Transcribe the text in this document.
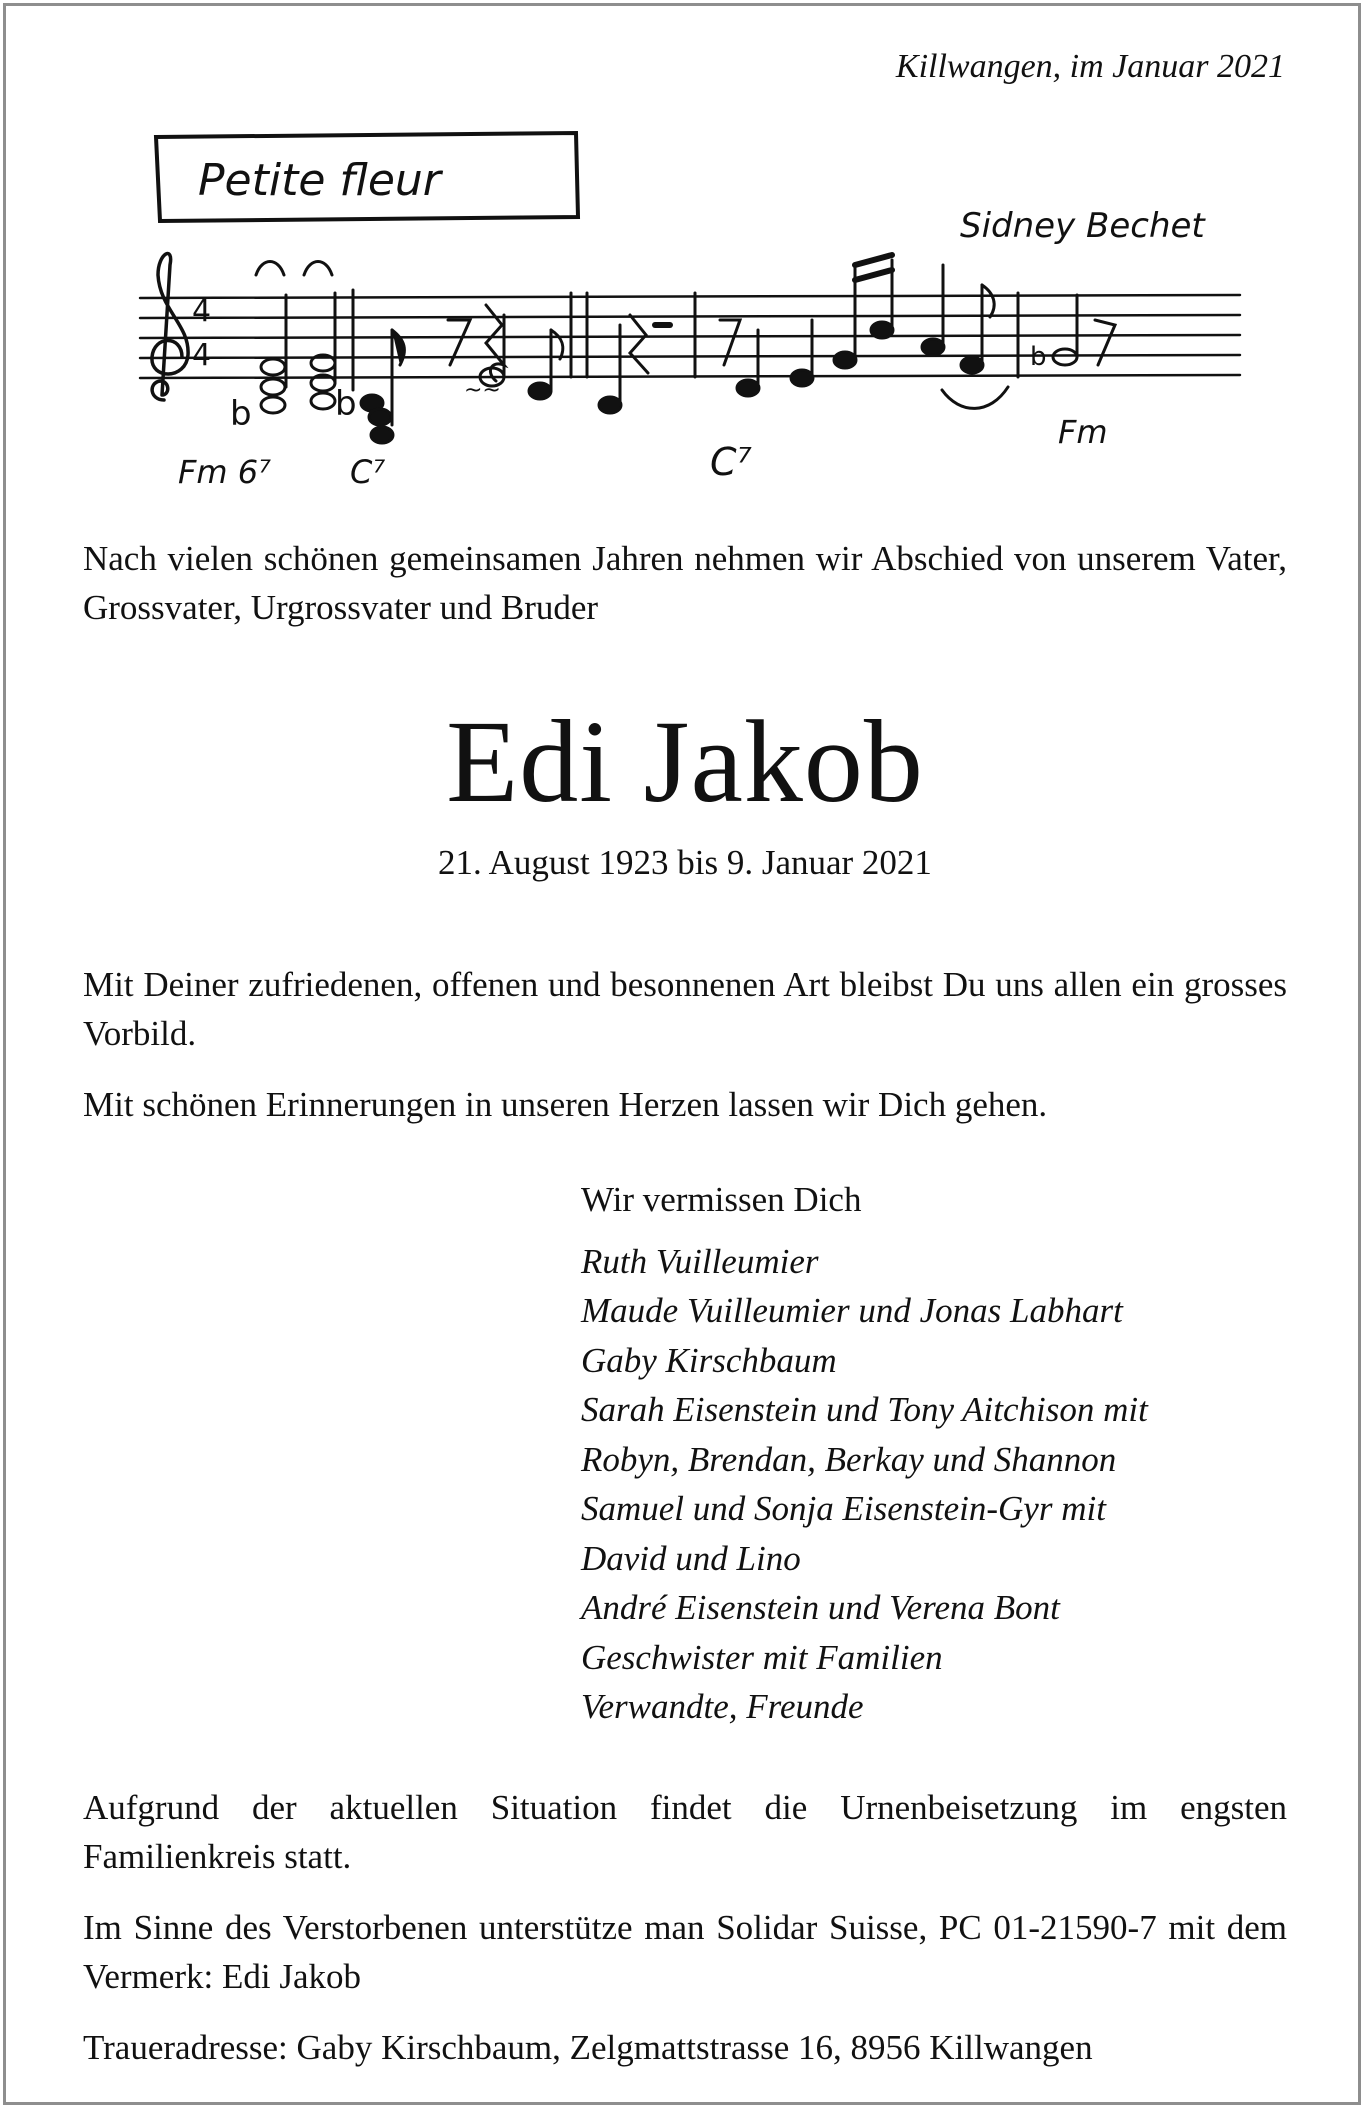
Killwangen, im Januar 2021
Petite fleur
Sidney Bechet
4
4
b b	~~
b
Fm 6⁷ C⁷	C⁷
Fm
Nach vielen schönen gemeinsamen Jahren nehmen wir Abschied von unserem Vater, Grossvater, Urgrossvater und Bruder
Edi Jakob
21. August 1923 bis 9. Januar 2021
Mit Deiner zufriedenen, offenen und besonnenen Art bleibst Du uns allen ein grosses Vorbild.
Mit schönen Erinnerungen in unseren Herzen lassen wir Dich gehen.
Wir vermissen Dich
Ruth Vuilleumier
Maude Vuilleumier und Jonas Labhart
Gaby Kirschbaum
Sarah Eisenstein und Tony Aitchison mit
Robyn, Brendan, Berkay und Shannon
Samuel und Sonja Eisenstein-Gyr mit
David und Lino
André Eisenstein und Verena Bont
Geschwister mit Familien
Verwandte, Freunde
Aufgrund der aktuellen Situation findet die Urnenbeisetzung im engsten Familienkreis statt.
Im Sinne des Verstorbenen unterstütze man Solidar Suisse, PC 01-21590-7 mit dem Vermerk: Edi Jakob
Traueradresse: Gaby Kirschbaum, Zelgmattstrasse 16, 8956 Killwangen
